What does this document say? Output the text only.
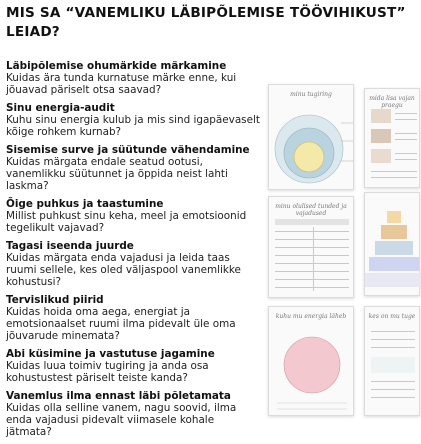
MIS SA “VANEMLIKU LÄBIPÕLEMISE TÖÖVIHIKUST” LEIAD?
Läbipõlemise ohumärkide märkamine
Kuidas ära tunda kurnatuse märke enne, kui jõuavad päriselt otsa saavad?
Sinu energia-audit
Kuhu sinu energia kulub ja mis sind igapäevaselt kõige rohkem kurnab?
Sisemise surve ja süütunde vähendamine
Kuidas märgata endale seatud ootusi, vanemlikku süütunnet ja õppida neist lahti laskma?
Õige puhkus ja taastumine
Millist puhkust sinu keha, meel ja emotsioonid tegelikult vajavad?
Tagasi iseenda juurde
Kuidas märgata enda vajadusi ja leida taas ruumi sellele, kes oled väljaspool vanemlikke kohustusi?
Tervislikud piirid
Kuidas hoida oma aega, energiat ja emotsionaalset ruumi ilma pidevalt üle oma jõuvarude minemata?
Abi küsimine ja vastutuse jagamine
Kuidas luua toimiv tugiring ja anda osa kohustustest päriselt teiste kanda?
Vanemlus ilma ennast läbi põletamata
Kuidas olla selline vanem, nagu soovid, ilma enda vajadusi pidevalt viimasele kohale jätmata?
minu tugiring
mida lisa vajan praegu
minu olulised tunded ja vajadused
kuhu mu energia läheb	kes on mu tuge
